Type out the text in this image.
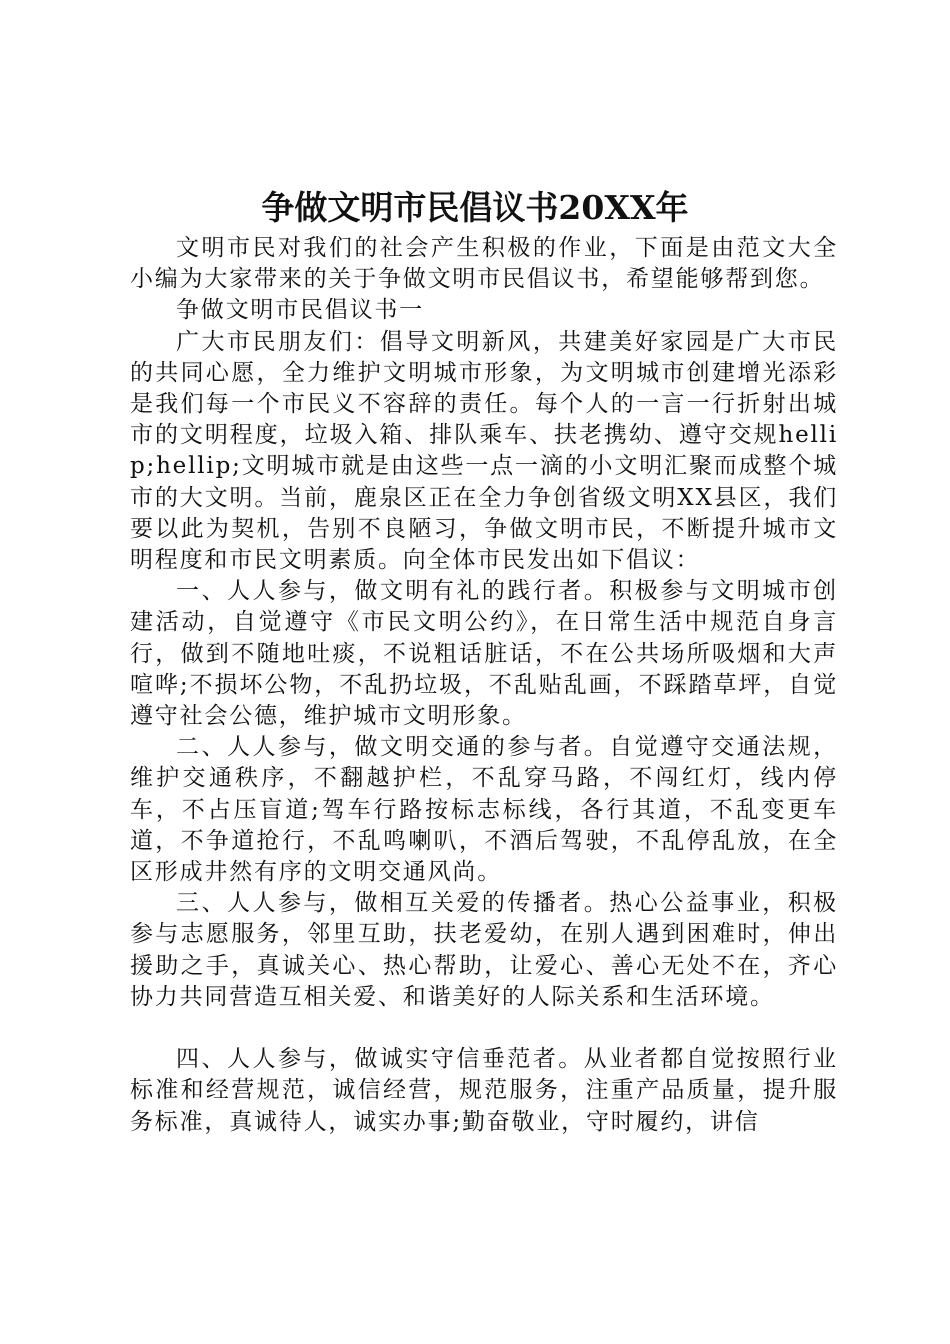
争做文明市民倡议书20XX年

文明市民对我们的社会产生积极的作业，下面是由范文大全小编为大家带来的关于争做文明市民倡议书，希望能够帮到您。

争做文明市民倡议书一

广大市民朋友们：倡导文明新风，共建美好家园是广大市民的共同心愿，全力维护文明城市形象，为文明城市创建增光添彩是我们每一个市民义不容辞的责任。每个人的一言一行折射出城市的文明程度，垃圾入箱、排队乘车、扶老携幼、遵守交规hellip;hellip;文明城市就是由这些一点一滴的小文明汇聚而成整个城市的大文明。当前，鹿泉区正在全力争创省级文明XX县区，我们要以此为契机，告别不良陋习，争做文明市民，不断提升城市文明程度和市民文明素质。向全体市民发出如下倡议：

一、人人参与，做文明有礼的践行者。积极参与文明城市创建活动，自觉遵守《市民文明公约》，在日常生活中规范自身言行，做到不随地吐痰，不说粗话脏话，不在公共场所吸烟和大声喧哗;不损坏公物，不乱扔垃圾，不乱贴乱画，不踩踏草坪，自觉遵守社会公德，维护城市文明形象。

二、人人参与，做文明交通的参与者。自觉遵守交通法规，维护交通秩序，不翻越护栏，不乱穿马路，不闯红灯，线内停车，不占压盲道;驾车行路按标志标线，各行其道，不乱变更车道，不争道抢行，不乱鸣喇叭，不酒后驾驶，不乱停乱放，在全区形成井然有序的文明交通风尚。

三、人人参与，做相互关爱的传播者。热心公益事业，积极参与志愿服务，邻里互助，扶老爱幼，在别人遇到困难时，伸出援助之手，真诚关心、热心帮助，让爱心、善心无处不在，齐心协力共同营造互相关爱、和谐美好的人际关系和生活环境。

四、人人参与，做诚实守信垂范者。从业者都自觉按照行业标准和经营规范，诚信经营，规范服务，注重产品质量，提升服务标准，真诚待人，诚实办事;勤奋敬业，守时履约，讲信
